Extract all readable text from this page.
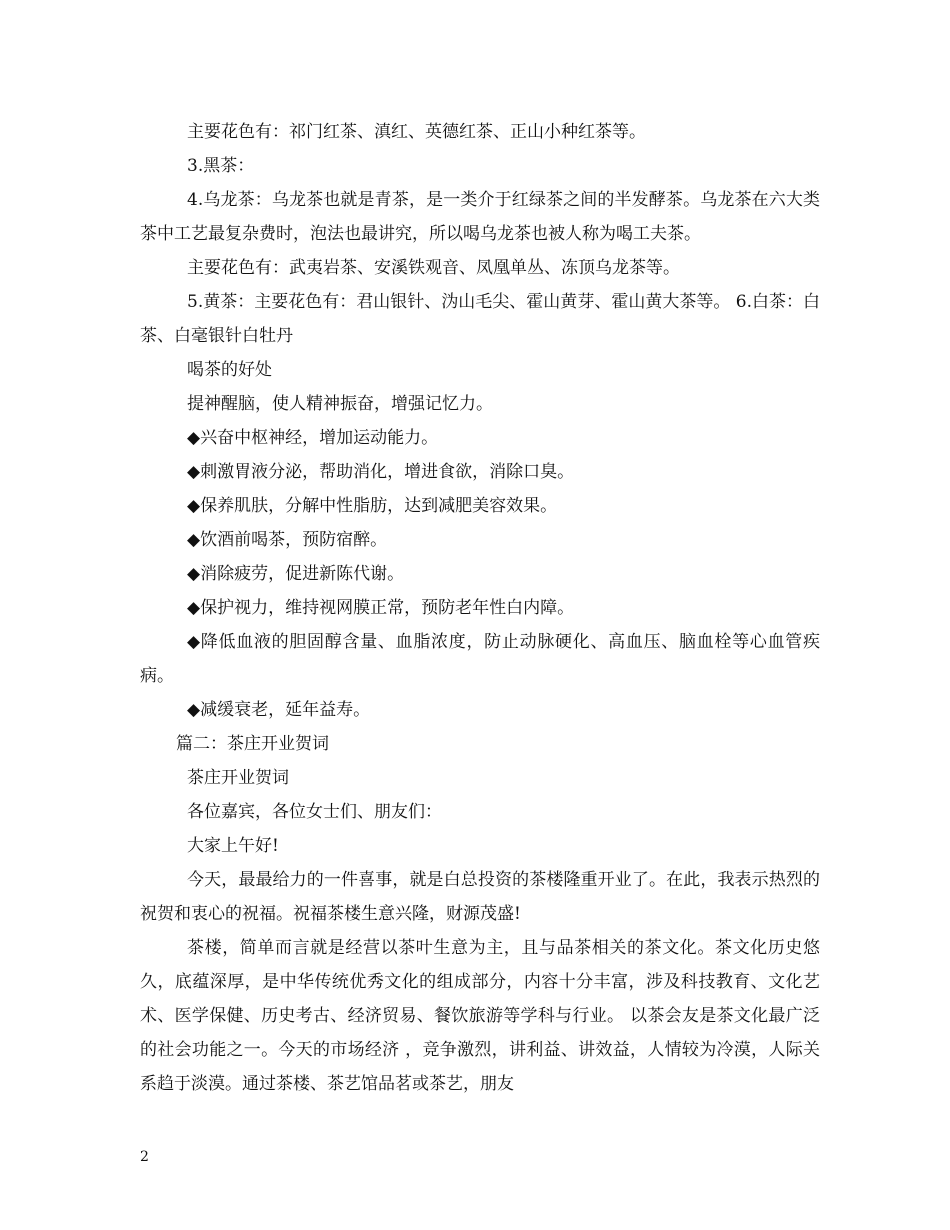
主要花色有：祁门红茶、滇红、英德红茶、正山小种红茶等。

3.黑茶：

4.乌龙茶：乌龙茶也就是青茶，是一类介于红绿茶之间的半发酵茶。乌龙茶在六大类茶中工艺最复杂费时，泡法也最讲究，所以喝乌龙茶也被人称为喝工夫茶。

主要花色有：武夷岩茶、安溪铁观音、凤凰单丛、冻顶乌龙茶等。

5.黄茶：主要花色有：君山银针、沩山毛尖、霍山黄芽、霍山黄大茶等。 6.白茶：白茶、白毫银针白牡丹

喝茶的好处

提神醒脑，使人精神振奋，增强记忆力。

◆兴奋中枢神经，增加运动能力。

◆刺激胃液分泌，帮助消化，增进食欲，消除口臭。

◆保养肌肤，分解中性脂肪，达到减肥美容效果。

◆饮酒前喝茶，预防宿醉。

◆消除疲劳，促进新陈代谢。

◆保护视力，维持视网膜正常，预防老年性白内障。

◆降低血液的胆固醇含量、血脂浓度，防止动脉硬化、高血压、脑血栓等心血管疾病。

◆减缓衰老，延年益寿。

篇二：茶庄开业贺词

茶庄开业贺词

各位嘉宾，各位女士们、朋友们：

大家上午好!

今天，最最给力的一件喜事，就是白总投资的茶楼隆重开业了。在此，我表示热烈的祝贺和衷心的祝福。祝福茶楼生意兴隆，财源茂盛!

茶楼，简单而言就是经营以茶叶生意为主，且与品茶相关的茶文化。茶文化历史悠久，底蕴深厚，是中华传统优秀文化的组成部分，内容十分丰富，涉及科技教育、文化艺术、医学保健、历史考古、经济贸易、餐饮旅游等学科与行业。 以茶会友是茶文化最广泛的社会功能之一。今天的市场经济 ，竞争激烈，讲利益、讲效益，人情较为冷漠，人际关系趋于淡漠。通过茶楼、茶艺馆品茗或茶艺，朋友

2
